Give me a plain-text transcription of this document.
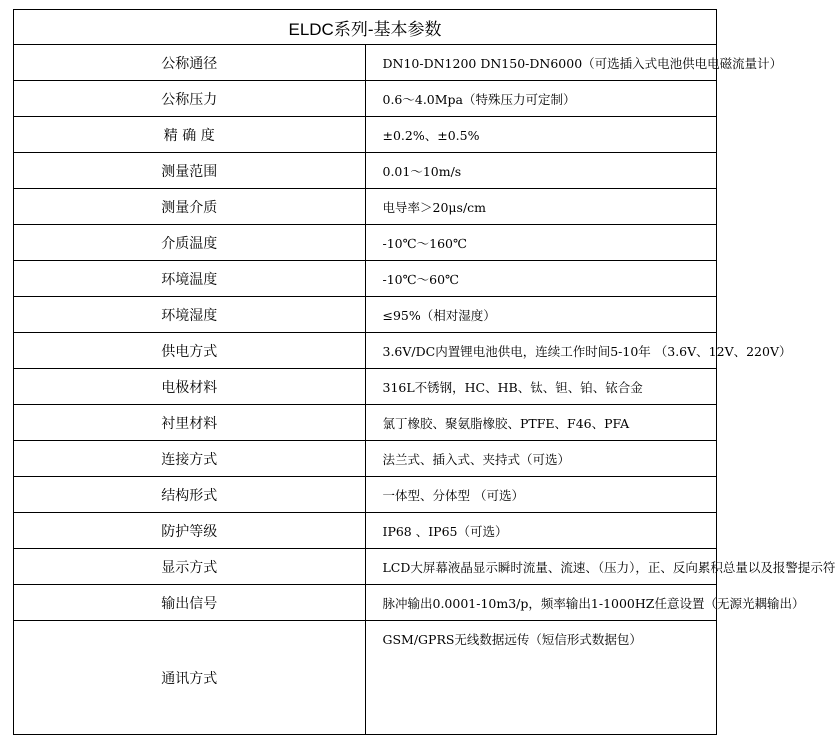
ELDC系列-基本参数	
公称通径	DN10-DN1200 DN150-DN6000（可选插入式电池供电电磁流量计）
公称压力	0.6～4.0Mpa（特殊压力可定制）
精 确 度	±0.2%、±0.5%
测量范围	0.01～10m/s
测量介质	电导率＞20μs/cm
介质温度	-10℃～160℃
环境温度	-10℃～60℃
环境湿度	≤95%（相对湿度）
供电方式	3.6V/DC内置锂电池供电，连续工作时间5-10年 （3.6V、12V、220V）
电极材料	316L不锈钢，HC、HB、钛、钽、铂、铱合金
衬里材料	氯丁橡胶、聚氨脂橡胶、PTFE、F46、PFA
连接方式	法兰式、插入式、夹持式（可选）
结构形式	一体型、分体型 （可选）
防护等级	IP68 、IP65（可选）
显示方式	LCD大屏幕液晶显示瞬时流量、流速、（压力），正、反向累积总量以及报警提示符
输出信号	脉冲输出0.0001-10m3/p，频率输出1-1000HZ任意设置（无源光耦输出）
通讯方式	GSM/GPRS无线数据远传（短信形式数据包）
